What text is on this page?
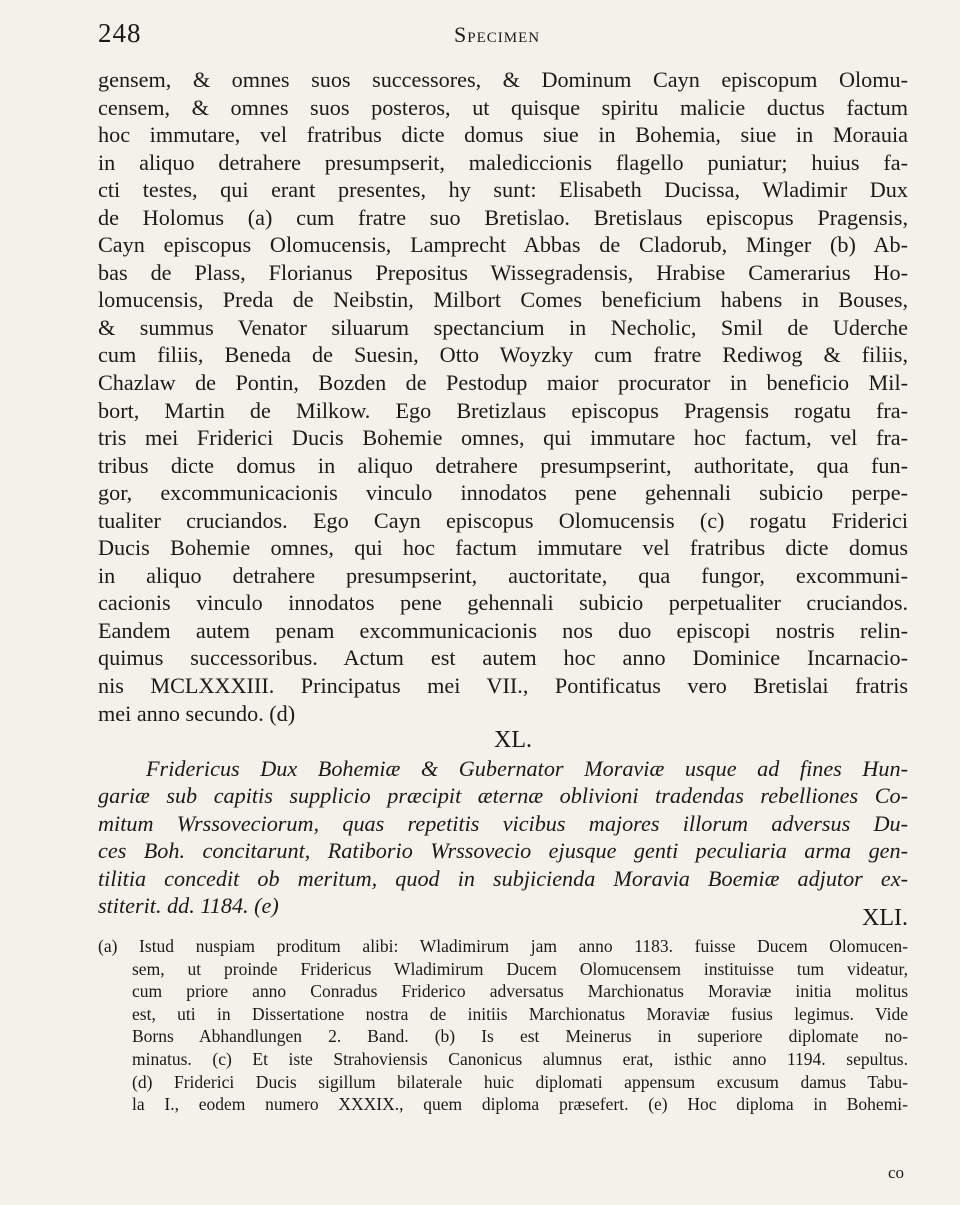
248	Specimen
gensem, & omnes suos successores, & Dominum Cayn episcopum Olomu-
censem, & omnes suos posteros, ut quisque spiritu malicie ductus factum
hoc immutare, vel fratribus dicte domus siue in Bohemia, siue in Morauia
in aliquo detrahere presumpserit, malediccionis flagello puniatur; huius fa-
cti testes, qui erant presentes, hy sunt: Elisabeth Ducissa, Wladimir Dux
de Holomus (a) cum fratre suo Bretislao. Bretislaus episcopus Pragensis,
Cayn episcopus Olomucensis, Lamprecht Abbas de Cladorub, Minger (b) Ab-
bas de Plass, Florianus Prepositus Wissegradensis, Hrabise Camerarius Ho-
lomucensis, Preda de Neibstin, Milbort Comes beneficium habens in Bouses,
& summus Venator siluarum spectancium in Necholic, Smil de Uderche
cum filiis, Beneda de Suesin, Otto Woyzky cum fratre Rediwog & filiis,
Chazlaw de Pontin, Bozden de Pestodup maior procurator in beneficio Mil-
bort, Martin de Milkow. Ego Bretizlaus episcopus Pragensis rogatu fra-
tris mei Friderici Ducis Bohemie omnes, qui immutare hoc factum, vel fra-
tribus dicte domus in aliquo detrahere presumpserint, authoritate, qua fun-
gor, excommunicacionis vinculo innodatos pene gehennali subicio perpe-
tualiter cruciandos. Ego Cayn episcopus Olomucensis (c) rogatu Friderici
Ducis Bohemie omnes, qui hoc factum immutare vel fratribus dicte domus
in aliquo detrahere presumpserint, auctoritate, qua fungor, excommuni-
cacionis vinculo innodatos pene gehennali subicio perpetualiter cruciandos.
Eandem autem penam excommunicacionis nos duo episcopi nostris relin-
quimus successoribus. Actum est autem hoc anno Dominice Incarnacio-
nis MCLXXXIII. Principatus mei VII., Pontificatus vero Bretislai fratris
mei anno secundo. (d)
XL.
Fridericus Dux Bohemiæ & Gubernator Moraviæ usque ad fines Hun-
gariæ sub capitis supplicio præcipit æternæ oblivioni tradendas rebelliones Co-
mitum Wrssoveciorum, quas repetitis vicibus majores illorum adversus Du-
ces Boh. concitarunt, Ratiborio Wrssovecio ejusque genti peculiaria arma gen-
tilitia concedit ob meritum, quod in subjicienda Moravia Boemiæ adjutor ex-
stiterit. dd. 1184. (e)	XLI.
(a) Istud nuspiam proditum alibi: Wladimirum jam anno 1183. fuisse Ducem Olomucen-
sem, ut proinde Fridericus Wladimirum Ducem Olomucensem instituisse tum videatur,
cum priore anno Conradus Friderico adversatus Marchionatus Moraviæ initia molitus
est, uti in Dissertatione nostra de initiis Marchionatus Moraviæ fusius legimus. Vide
Borns Abhandlungen 2. Band. (b) Is est Meinerus in superiore diplomate no-
minatus. (c) Et iste Strahoviensis Canonicus alumnus erat, isthic anno 1194. sepultus.
(d) Friderici Ducis sigillum bilaterale huic diplomati appensum excusum damus Tabu-
la I., eodem numero XXXIX., quem diploma præsefert. (e) Hoc diploma in Bohemi-
co
